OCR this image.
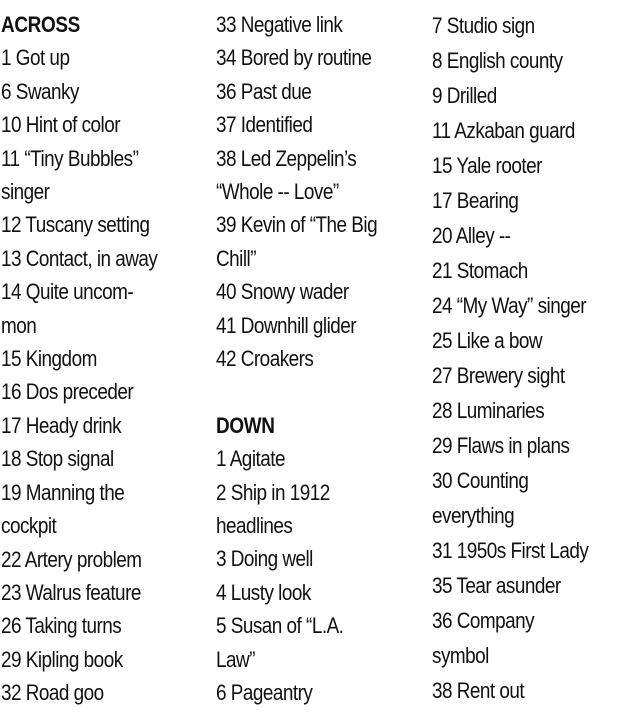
ACROSS
1 Got up
6 Swanky
10 Hint of color
11 “Tiny Bubbles”
singer
12 Tuscany setting
13 Contact, in away
14 Quite uncom-
mon
15 Kingdom
16 Dos preceder
17 Heady drink
18 Stop signal
19 Manning the
cockpit
22 Artery problem
23 Walrus feature
26 Taking turns
29 Kipling book
32 Road goo
33 Negative link
34 Bored by routine
36 Past due
37 Identified
38 Led Zeppelin’s
“Whole -- Love”
39 Kevin of “The Big
Chill”
40 Snowy wader
41 Downhill glider
42 Croakers
DOWN
1 Agitate
2 Ship in 1912
headlines
3 Doing well
4 Lusty look
5 Susan of “L.A.
Law”
6 Pageantry
7 Studio sign
8 English county
9 Drilled
11 Azkaban guard
15 Yale rooter
17 Bearing
20 Alley --
21 Stomach
24 “My Way” singer
25 Like a bow
27 Brewery sight
28 Luminaries
29 Flaws in plans
30 Counting
everything
31 1950s First Lady
35 Tear asunder
36 Company
symbol
38 Rent out
